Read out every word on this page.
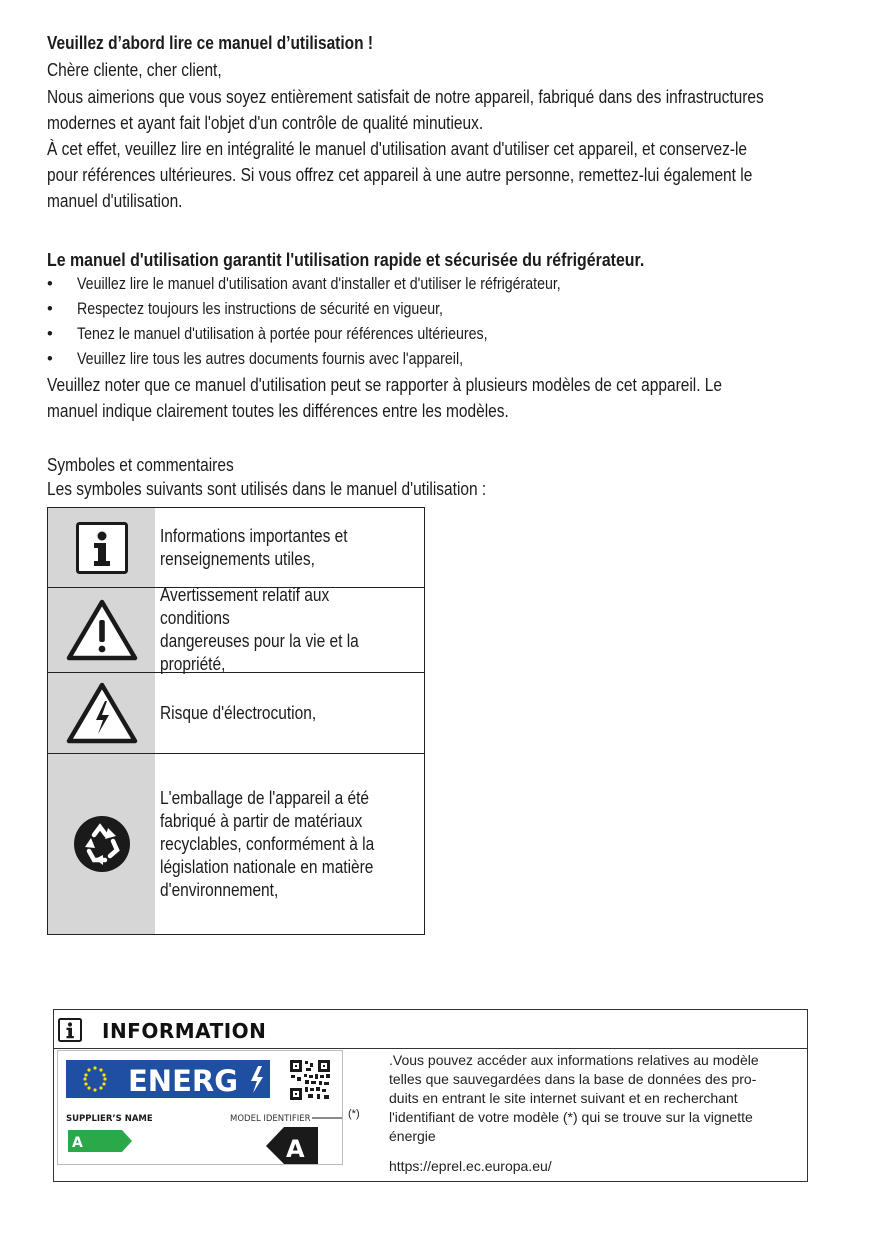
Veuillez d’abord lire ce manuel d’utilisation !
Chère cliente, cher client,
Nous aimerions que vous soyez entièrement satisfait de notre appareil, fabriqué dans des infrastructures
modernes et ayant fait l'objet d'un contrôle de qualité minutieux.
À cet effet, veuillez lire en intégralité le manuel d'utilisation avant d'utiliser cet appareil, et conservez-le
pour références ultérieures. Si vous offrez cet appareil à une autre personne, remettez-lui également le
manuel d'utilisation.
Le manuel d'utilisation garantit l'utilisation rapide et sécurisée du réfrigérateur.
•	Veuillez lire le manuel d'utilisation avant d'installer et d'utiliser le réfrigérateur,
•	Respectez toujours les instructions de sécurité en vigueur,
•	Tenez le manuel d'utilisation à portée pour références ultérieures,
•	Veuillez lire tous les autres documents fournis avec l'appareil,
Veuillez noter que ce manuel d'utilisation peut se rapporter à plusieurs modèles de cet appareil. Le
manuel indique clairement toutes les différences entre les modèles.
Symboles et commentaires
Les symboles suivants sont utilisés dans le manuel d'utilisation :
Informations importantes et
renseignements utiles,
Avertissement relatif aux conditions
dangereuses pour la vie et la
propriété,
Risque d'électrocution,
L'emballage de l'appareil a été
fabriqué à partir de matériaux
recyclables, conformément à la
législation nationale en matière
d'environnement,
INFORMATION
ENERG
SUPPLIER’S NAME	MODEL IDENTIFIER
A	A
(*)
.Vous pouvez accéder aux informations relatives au modèle
telles que sauvegardées dans la base de données des pro-
duits en entrant le site internet suivant et en recherchant
l'identifiant de votre modèle (*) qui se trouve sur la vignette
énergie
https://eprel.ec.europa.eu/
